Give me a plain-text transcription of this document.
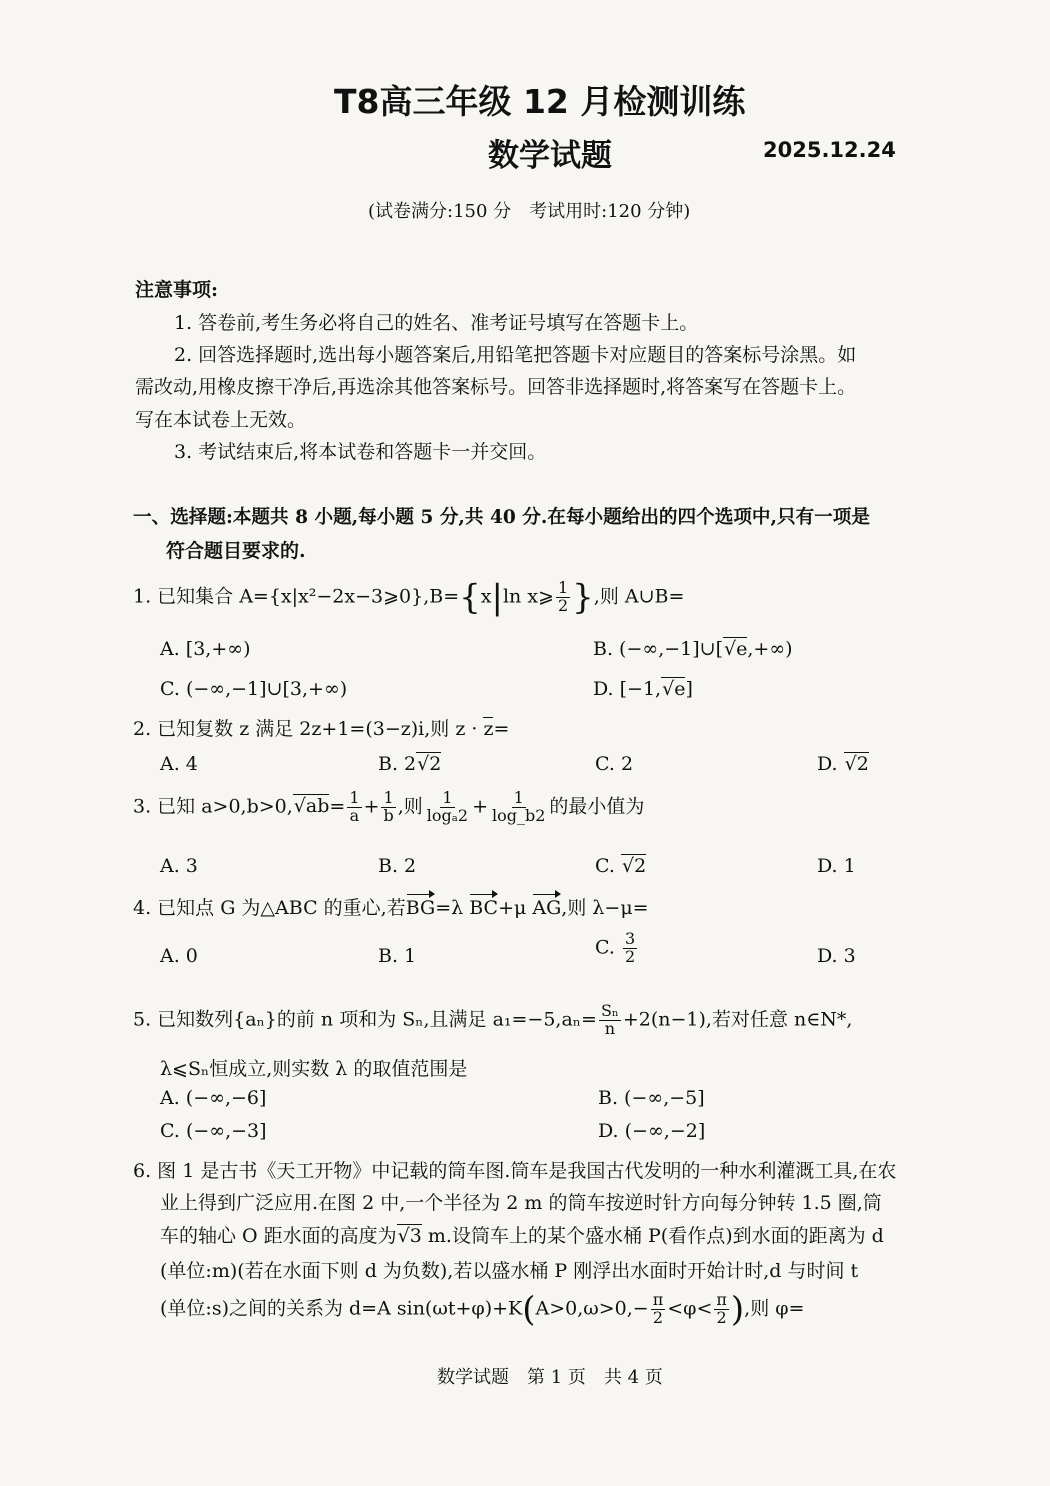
T8高三年级 12 月检测训练
数学试题	2025.12.24
(试卷满分:150 分　考试用时:120 分钟)
注意事项:
1. 答卷前,考生务必将自己的姓名、准考证号填写在答题卡上。
2. 回答选择题时,选出每小题答案后,用铅笔把答题卡对应题目的答案标号涂黑。如
需改动,用橡皮擦干净后,再选涂其他答案标号。回答非选择题时,将答案写在答题卡上。
写在本试卷上无效。
3. 考试结束后,将本试卷和答题卡一并交回。
一、选择题:本题共 8 小题,每小题 5 分,共 40 分.在每小题给出的四个选项中,只有一项是
符合题目要求的.
1. 已知集合 A={x|x²−2x−3⩾0},B={x|ln x⩾ $\frac{1}{2}$ },则 A∪B=
A. [3,+∞)	B. (−∞,−1]∪[√e,+∞)
C. (−∞,−1]∪[3,+∞)	D. [−1,√e]
2. 已知复数 z 满足 2z+1=(3−z)i,则 z · z=
A. 4	B. 2√2	C. 2	D. √2
3. 已知 $a>0,b>0,√ab= \frac{1}{a} + \frac{1}{b}$ ,则 $\frac{1}{\text{logₐ2}} + \frac{1}{\log\_b2}$ 的最小值为
A. 3	B. 2	C. √2	D. 1
4. 已知点 G 为△ABC 的重心,若BG=λ BC+μ AG,则 λ−μ=
A. 0	B. 1	C. $\frac{3}{2}$	D. 3
5. 已知数列{aₙ}的前 n 项和为 Sₙ,且满足 $a_1=-5,a_n= \frac{\text{Sₙ}}{n} +2(n-1)$,若对任意 n∈N*,
λ⩽Sₙ恒成立,则实数 λ 的取值范围是
A. (−∞,−6]	B. (−∞,−5]
C. (−∞,−3]	D. (−∞,−2]
6. 图 1 是古书《天工开物》中记载的筒车图.筒车是我国古代发明的一种水利灌溉工具,在农
业上得到广泛应用.在图 2 中,一个半径为 2 m 的筒车按逆时针方向每分钟转 1.5 圈,筒
车的轴心 O 距水面的高度为√3 m.设筒车上的某个盛水桶 P(看作点)到水面的距离为 d
(单位:m)(若在水面下则 d 为负数),若以盛水桶 P 刚浮出水面时开始计时,d 与时间 t
(单位:s)之间的关系为 d=A $\sin(\omega t+\varphi)+K(A>0,\omega>0,- \frac{\pi}{2} <\varphi< \frac{\pi}{2}$ ),则 φ=
数学试题　第 1 页　共 4 页
